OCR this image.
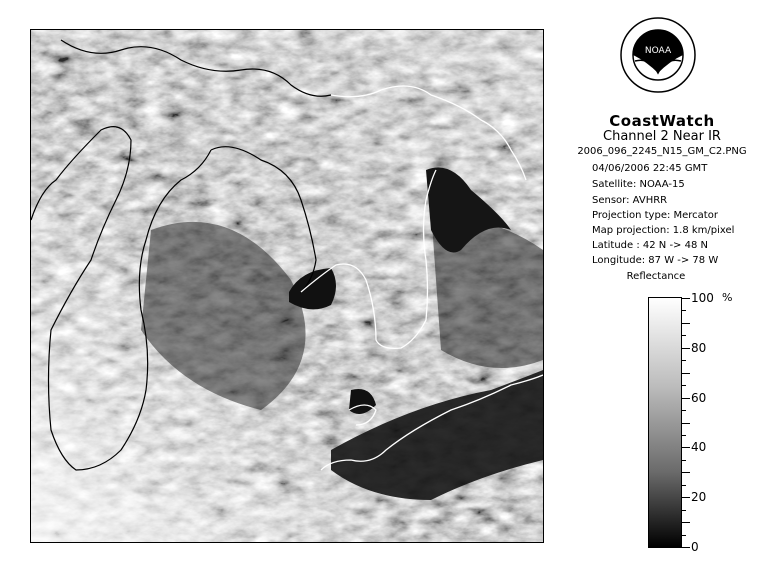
NOAA
CoastWatch
Channel 2 Near IR
2006_096_2245_N15_GM_C2.PNG
04/06/2006 22:45 GMT
Satellite: NOAA-15
Sensor: AVHRR
Projection type: Mercator
Map projection: 1.8 km/pixel
Latitude : 42 N -> 48 N
Longitude: 87 W -> 78 W
Reflectance
%
100
80
60
40
20
0
